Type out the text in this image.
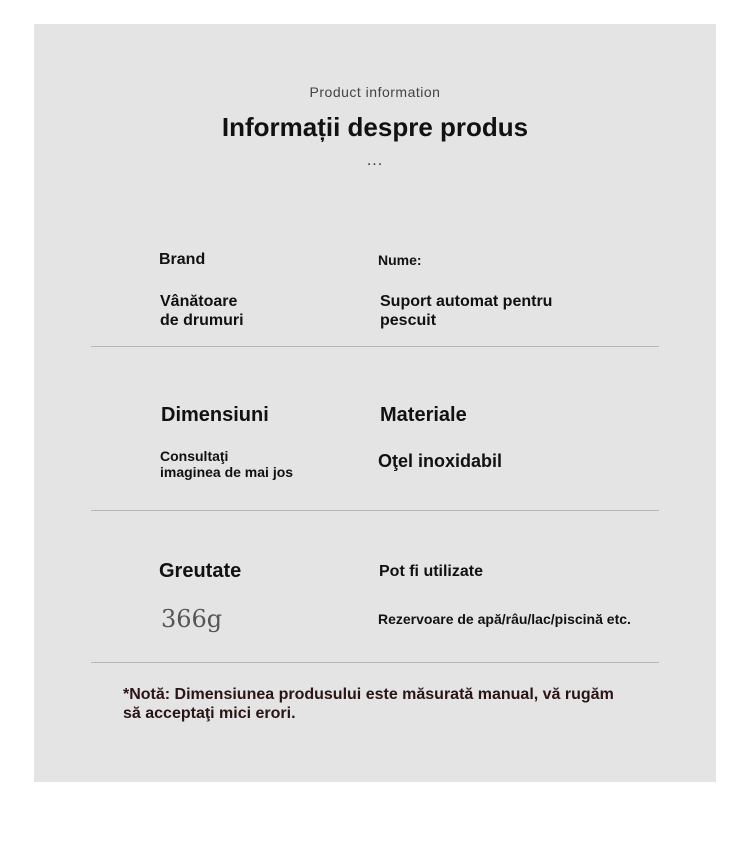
Product information
Informații despre produs
...
Brand
Vânătoare
de drumuri
Nume:
Suport automat pentru
pescuit
Dimensiuni
Consultaţi
imaginea de mai jos
Materiale
Oţel inoxidabil
Greutate
366g
Pot fi utilizate
Rezervoare de apă/râu/lac/piscină etc.
*Notă: Dimensiunea produsului este măsurată manual, vă rugăm
să acceptaţi mici erori.
